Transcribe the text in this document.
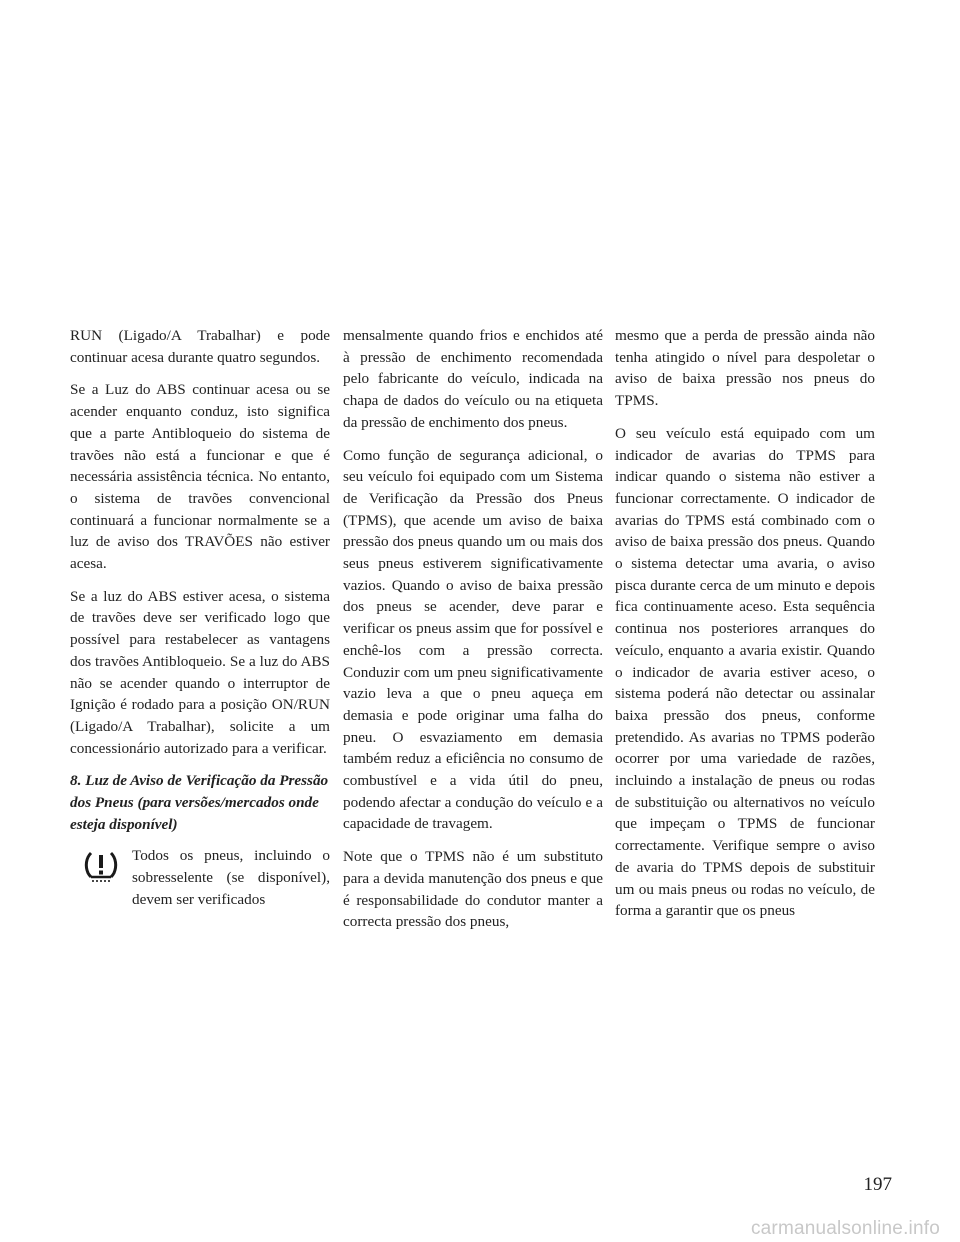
RUN (Ligado/A Trabalhar) e pode continuar acesa durante quatro segundos.

Se a Luz do ABS continuar acesa ou se acender enquanto conduz, isto significa que a parte Antibloqueio do sistema de travões não está a funcionar e que é necessária assistência técnica. No entanto, o sistema de travões convencional continuará a funcionar normalmente se a luz de aviso dos TRAVÕES não estiver acesa.

Se a luz do ABS estiver acesa, o sistema de travões deve ser verificado logo que possível para restabelecer as vantagens dos travões Antibloqueio. Se a luz do ABS não se acender quando o interruptor de Ignição é rodado para a posição ON/RUN (Ligado/A Trabalhar), solicite a um concessionário autorizado para a verificar.

8. Luz de Aviso de Verificação da Pressão dos Pneus (para versões/mercados onde esteja disponível)

Todos os pneus, incluindo o sobresselente (se disponível), devem ser verificados

mensalmente quando frios e enchidos até à pressão de enchimento recomendada pelo fabricante do veículo, indicada na chapa de dados do veículo ou na etiqueta da pressão de enchimento dos pneus.

Como função de segurança adicional, o seu veículo foi equipado com um Sistema de Verificação da Pressão dos Pneus (TPMS), que acende um aviso de baixa pressão dos pneus quando um ou mais dos seus pneus estiverem significativamente vazios. Quando o aviso de baixa pressão dos pneus se acender, deve parar e verificar os pneus assim que for possível e enchê-los com a pressão correcta. Conduzir com um pneu significativamente vazio leva a que o pneu aqueça em demasia e pode originar uma falha do pneu. O esvaziamento em demasia também reduz a eficiência no consumo de combustível e a vida útil do pneu, podendo afectar a condução do veículo e a capacidade de travagem.

Note que o TPMS não é um substituto para a devida manutenção dos pneus e que é responsabilidade do condutor manter a correcta pressão dos pneus,

mesmo que a perda de pressão ainda não tenha atingido o nível para despoletar o aviso de baixa pressão nos pneus do TPMS.

O seu veículo está equipado com um indicador de avarias do TPMS para indicar quando o sistema não estiver a funcionar correctamente. O indicador de avarias do TPMS está combinado com o aviso de baixa pressão dos pneus. Quando o sistema detectar uma avaria, o aviso pisca durante cerca de um minuto e depois fica continuamente aceso. Esta sequência continua nos posteriores arranques do veículo, enquanto a avaria existir. Quando o indicador de avaria estiver aceso, o sistema poderá não detectar ou assinalar baixa pressão dos pneus, conforme pretendido. As avarias no TPMS poderão ocorrer por uma variedade de razões, incluindo a instalação de pneus ou rodas de substituição ou alternativos no veículo que impeçam o TPMS de funcionar correctamente. Verifique sempre o aviso de avaria do TPMS depois de substituir um ou mais pneus ou rodas no veículo, de forma a garantir que os pneus

197
carmanualsonline.info
